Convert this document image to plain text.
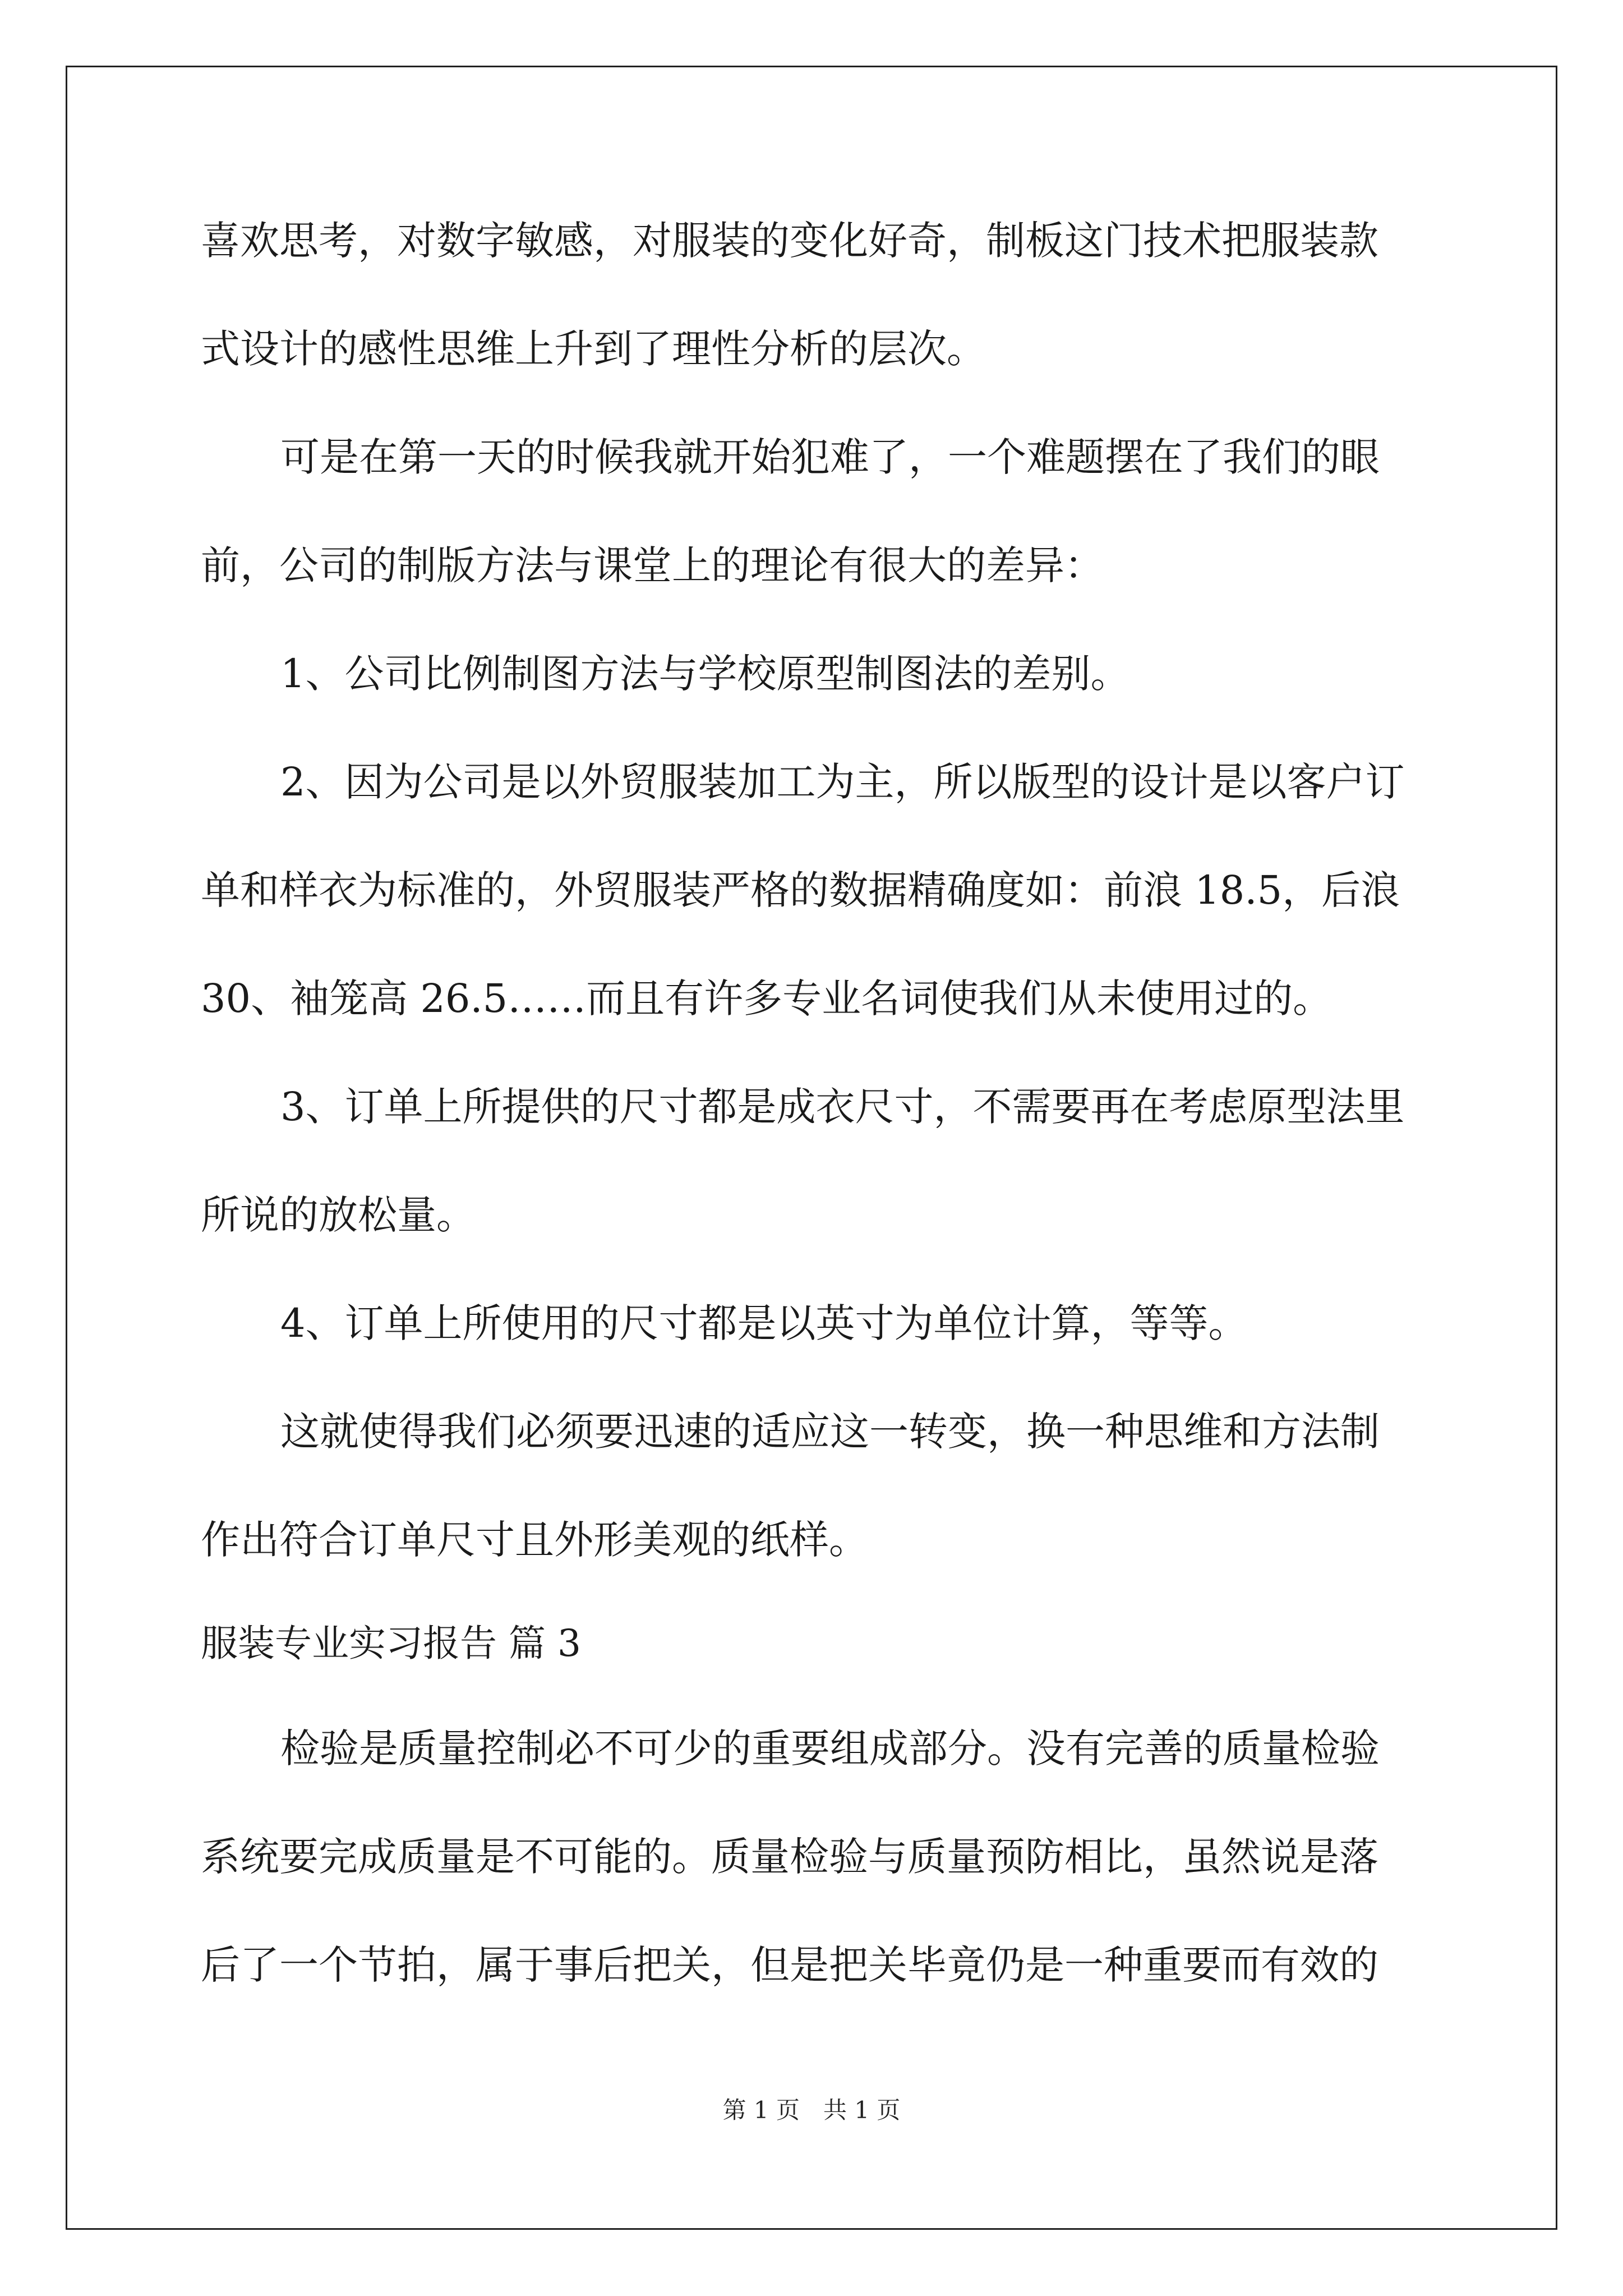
喜欢思考，对数字敏感，对服装的变化好奇，制板这门技术把服装款
式设计的感性思维上升到了理性分析的层次。
可是在第一天的时候我就开始犯难了，一个难题摆在了我们的眼
前，公司的制版方法与课堂上的理论有很大的差异：
1、公司比例制图方法与学校原型制图法的差别。
2、因为公司是以外贸服装加工为主，所以版型的设计是以客户订
单和样衣为标准的，外贸服装严格的数据精确度如：前浪 18.5，后浪
30、袖笼高 26.5……而且有许多专业名词使我们从未使用过的。
3、订单上所提供的尺寸都是成衣尺寸，不需要再在考虑原型法里
所说的放松量。
4、订单上所使用的尺寸都是以英寸为单位计算，等等。
这就使得我们必须要迅速的适应这一转变，换一种思维和方法制
作出符合订单尺寸且外形美观的纸样。
服装专业实习报告 篇 3
检验是质量控制必不可少的重要组成部分。没有完善的质量检验
系统要完成质量是不可能的。质量检验与质量预防相比，虽然说是落
后了一个节拍，属于事后把关，但是把关毕竟仍是一种重要而有效的
第 1 页　共 1 页
